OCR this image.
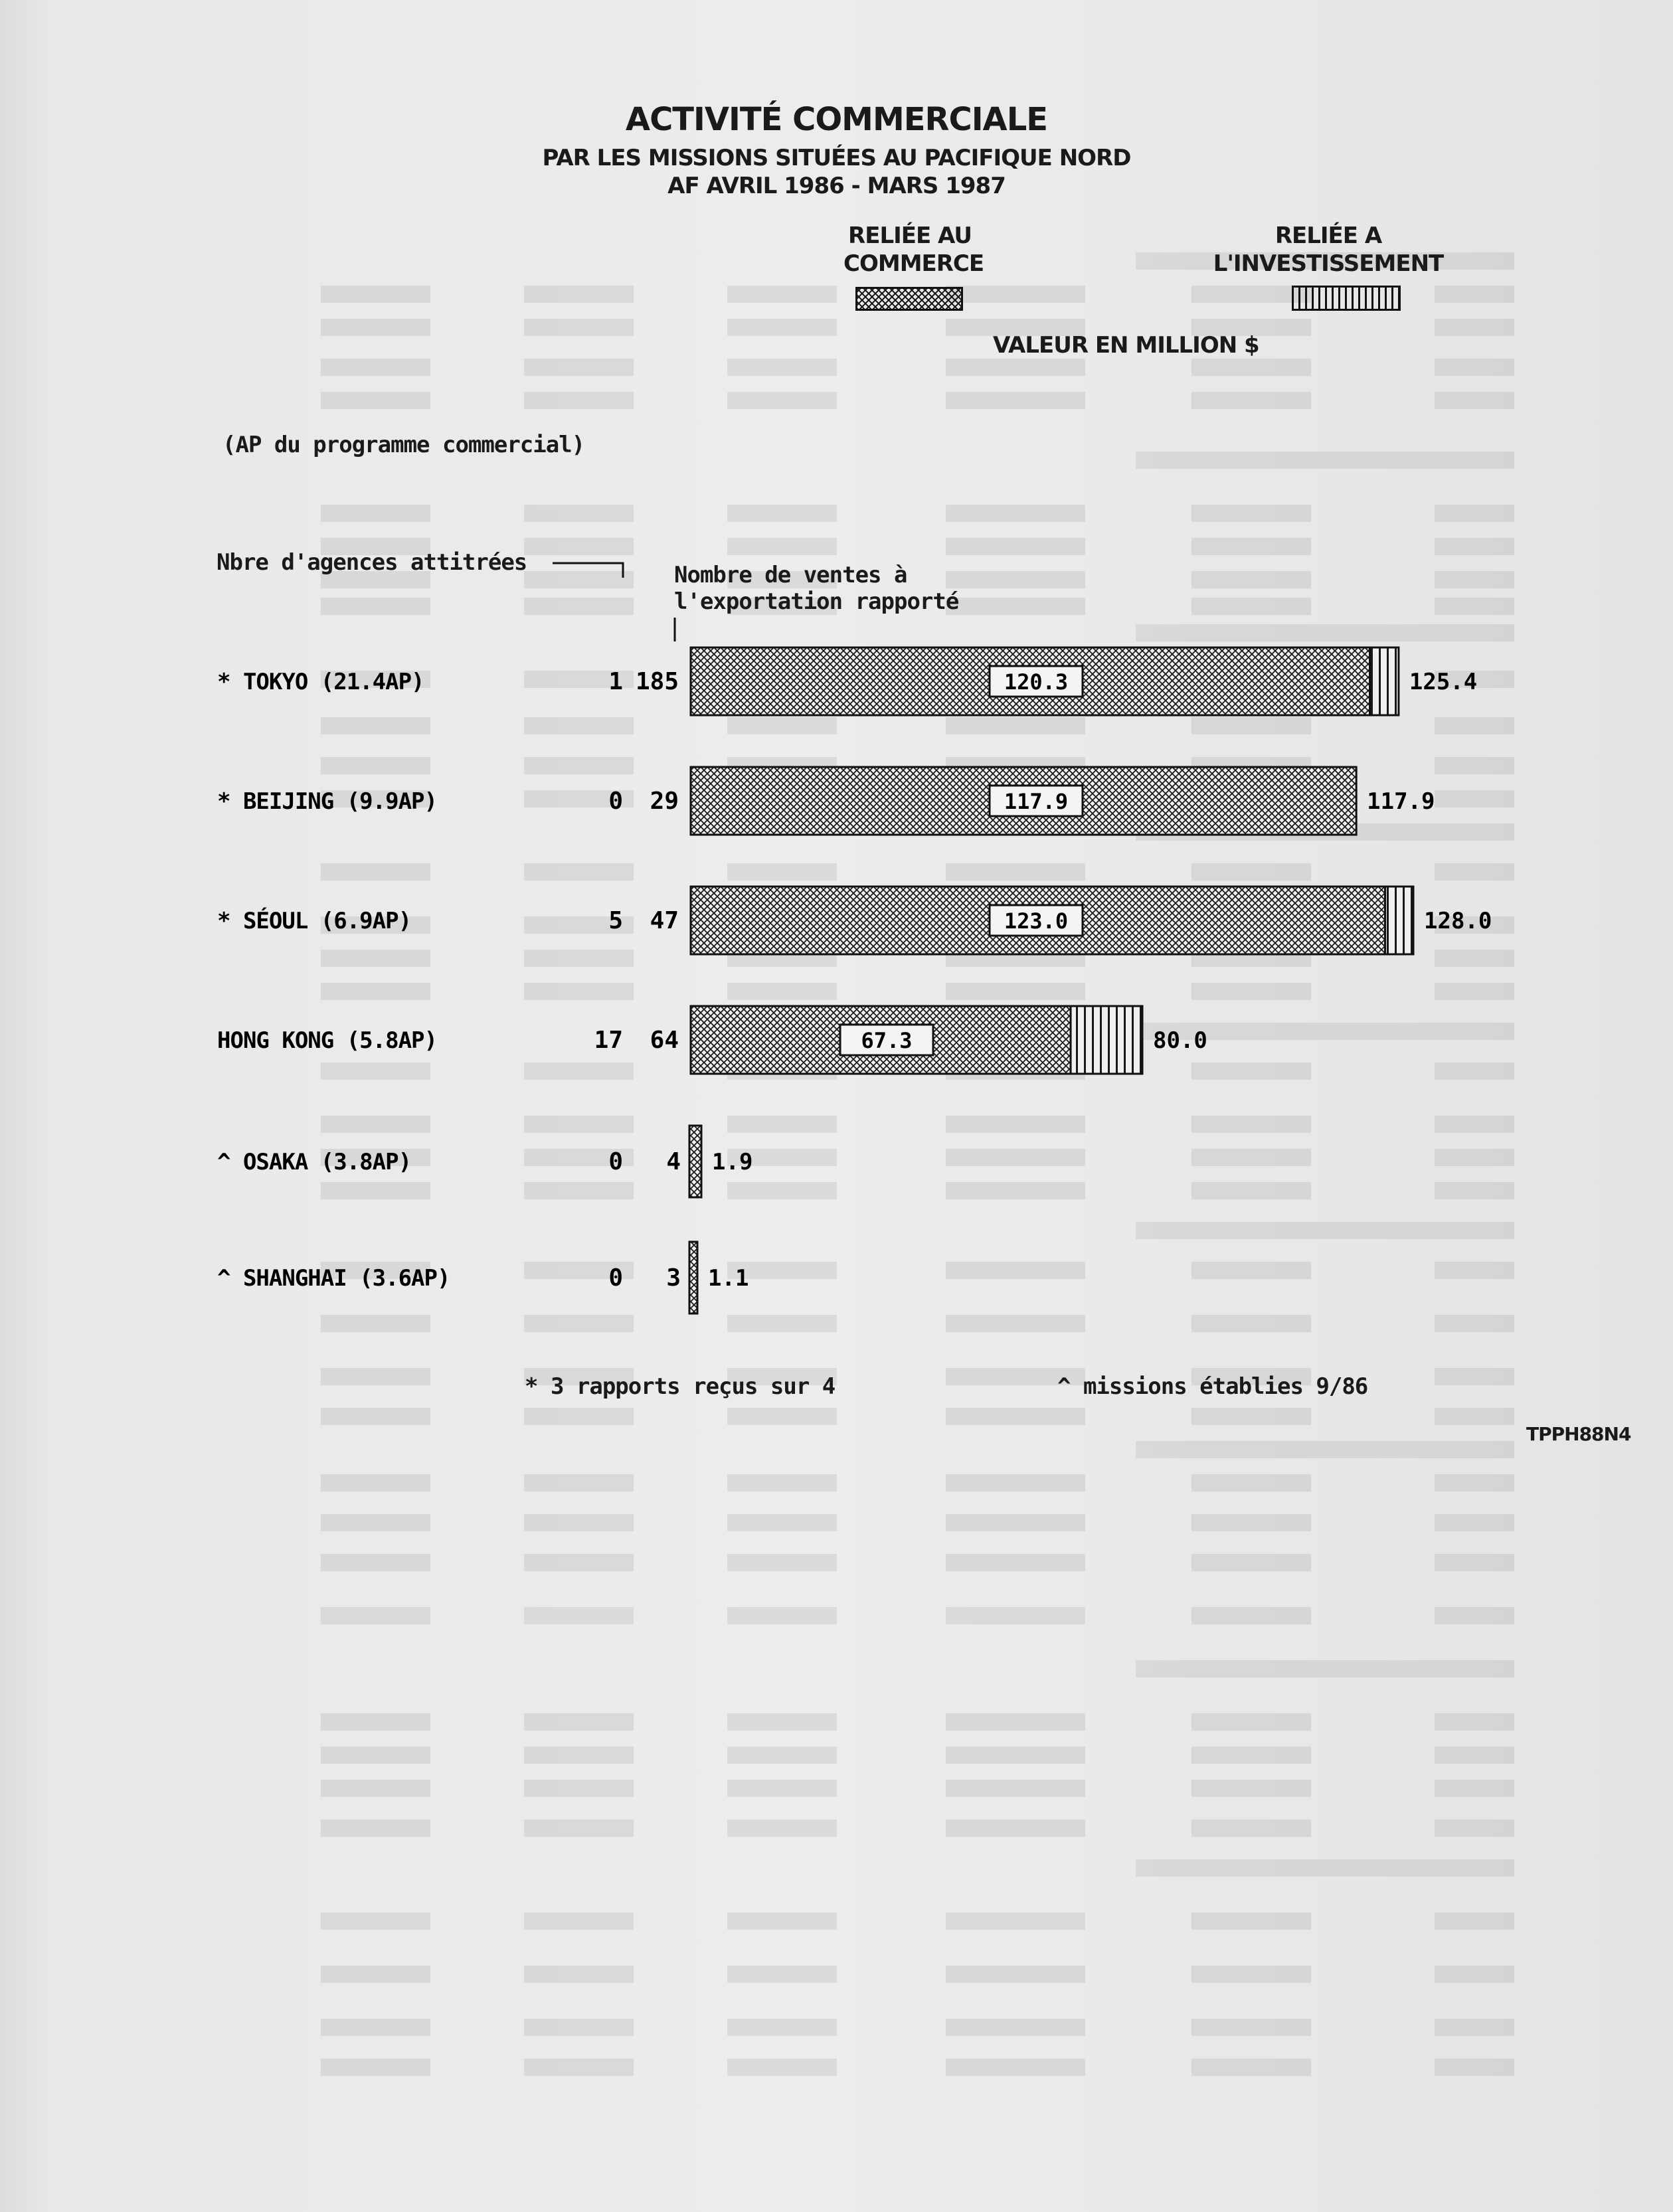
ACTIVITÉ COMMERCIALE
PAR LES MISSIONS SITUÉES AU PACIFIQUE NORD
AF AVRIL 1986 - MARS 1987
RELIÉE AU
COMMERCE
RELIÉE A
L'INVESTISSEMENT
VALEUR EN MILLION $
(AP du programme commercial)
Nbre d'agences attitrées	Nombre de ventes à
l'exportation rapporté
* TOKYO (21.4AP)	1 185	120.3	125.4
* BEIJING (9.9AP)	0 29	117.9	117.9
* SÉOUL (6.9AP)	5 47	123.0	128.0
HONG KONG (5.8AP)	17 64	67.3	80.0
^ OSAKA (3.8AP)	0 4 1.9
^ SHANGHAI (3.6AP)	0 3 1.1
* 3 rapports reçus sur 4	^ missions établies 9/86
TPPH88N4
